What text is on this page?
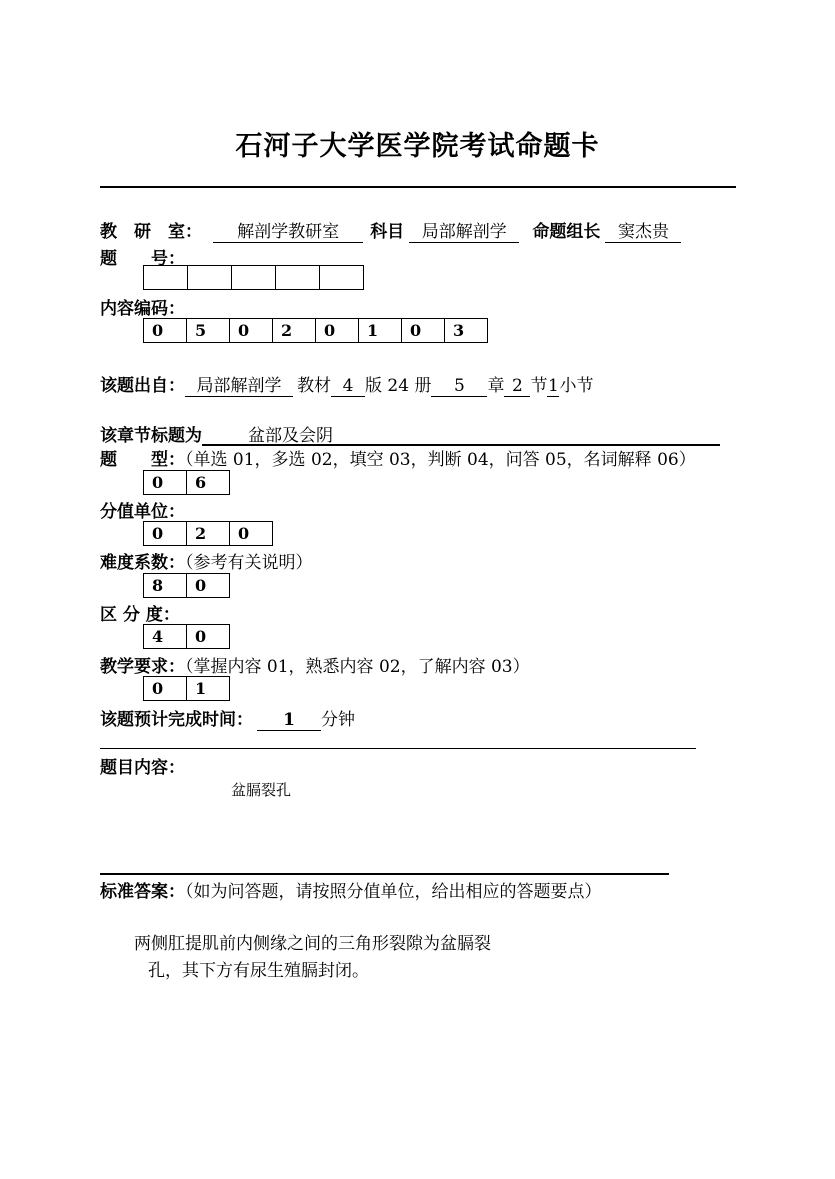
石河子大学医学院考试命题卡
教　研　室： 解剖学教研室 科目 局部解剖学 命题组长 窦杰贵
题　　号：

内容编码：
0	5	0	2	0	1	0	3
该题出自： 局部解剖学 教材 4 版 24 册 5 章 2 节1小节
该章节标题为	盆部及会阴
题　　型：（单选 01，多选 02，填空 03，判断 04，问答 05，名词解释 06）
0	6
分值单位：
0	2	0
难度系数：（参考有关说明）
8	0
区 分 度：
4	0
教学要求：（掌握内容 01，熟悉内容 02，了解内容 03）
0	1
该题预计完成时间： 1 分钟
题目内容：
盆膈裂孔
标准答案：（如为问答题，请按照分值单位，给出相应的答题要点）
两侧肛提肌前内侧缘之间的三角形裂隙为盆膈裂
孔，其下方有尿生殖膈封闭。
